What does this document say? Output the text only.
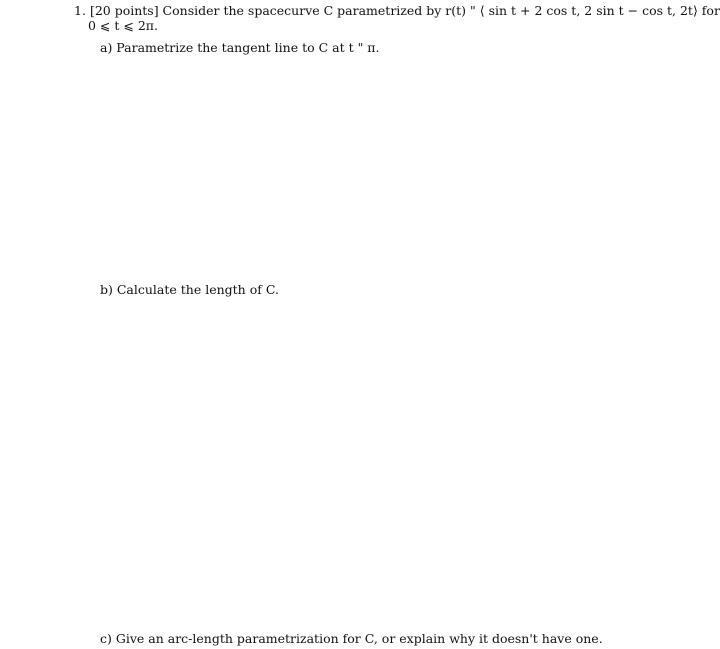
1. [20 points] Consider the spacecurve C parametrized by r(t) " ⟨ sin t + 2 cos t, 2 sin t − cos t, 2t⟩ for
0 ⩽ t ⩽ 2π.
a) Parametrize the tangent line to C at t " π.
b) Calculate the length of C.
c) Give an arc-length parametrization for C, or explain why it doesn't have one.
